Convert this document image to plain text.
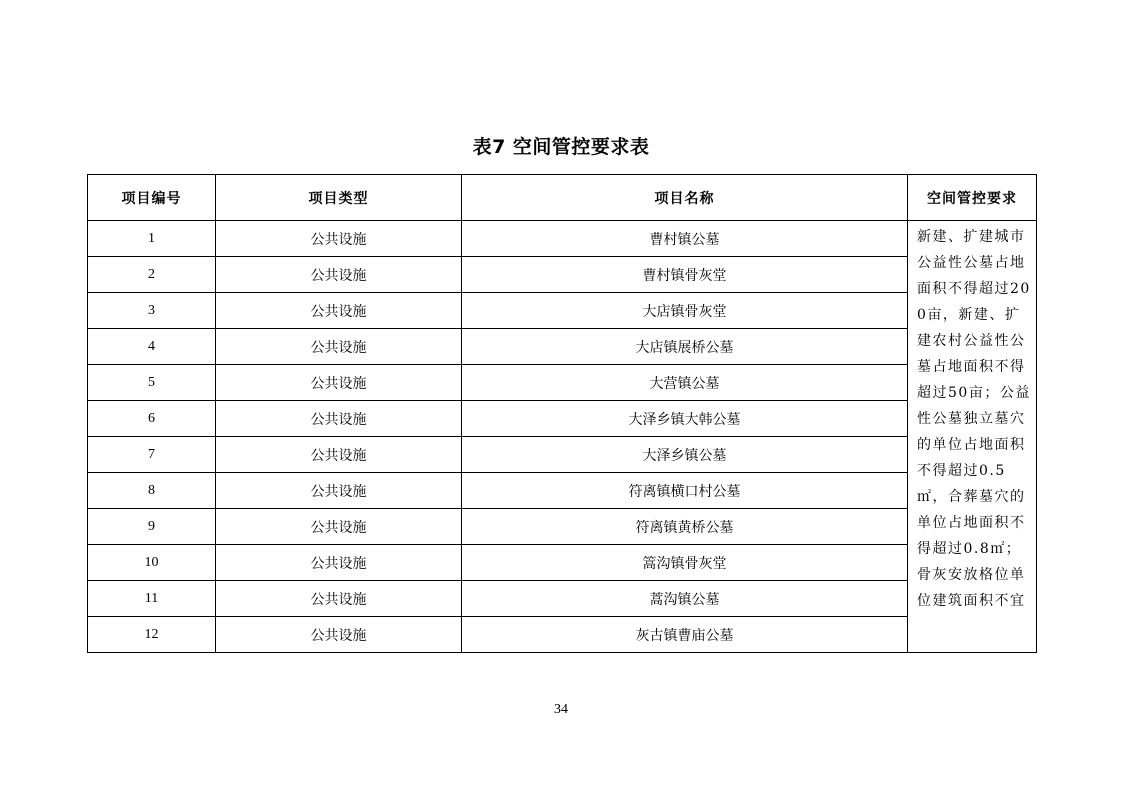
表7 空间管控要求表
项目编号	项目类型	项目名称	空间管控要求
1	公共设施	曹村镇公墓	新建、扩建城市公益性公墓占地面积不得超过200亩，新建、扩建农村公益性公墓占地面积不得超过50亩；公益性公墓独立墓穴的单位占地面积不得超过0.5㎡，合葬墓穴的单位占地面积不得超过0.8㎡；骨灰安放格位单位建筑面积不宜
2	公共设施	曹村镇骨灰堂	
3	公共设施	大店镇骨灰堂	
4	公共设施	大店镇展桥公墓	
5	公共设施	大营镇公墓	
6	公共设施	大泽乡镇大韩公墓	
7	公共设施	大泽乡镇公墓	
8	公共设施	符离镇横口村公墓	
9	公共设施	符离镇黄桥公墓	
10	公共设施	篙沟镇骨灰堂	
11	公共设施	蒿沟镇公墓	
12	公共设施	灰古镇曹庙公墓	
34
